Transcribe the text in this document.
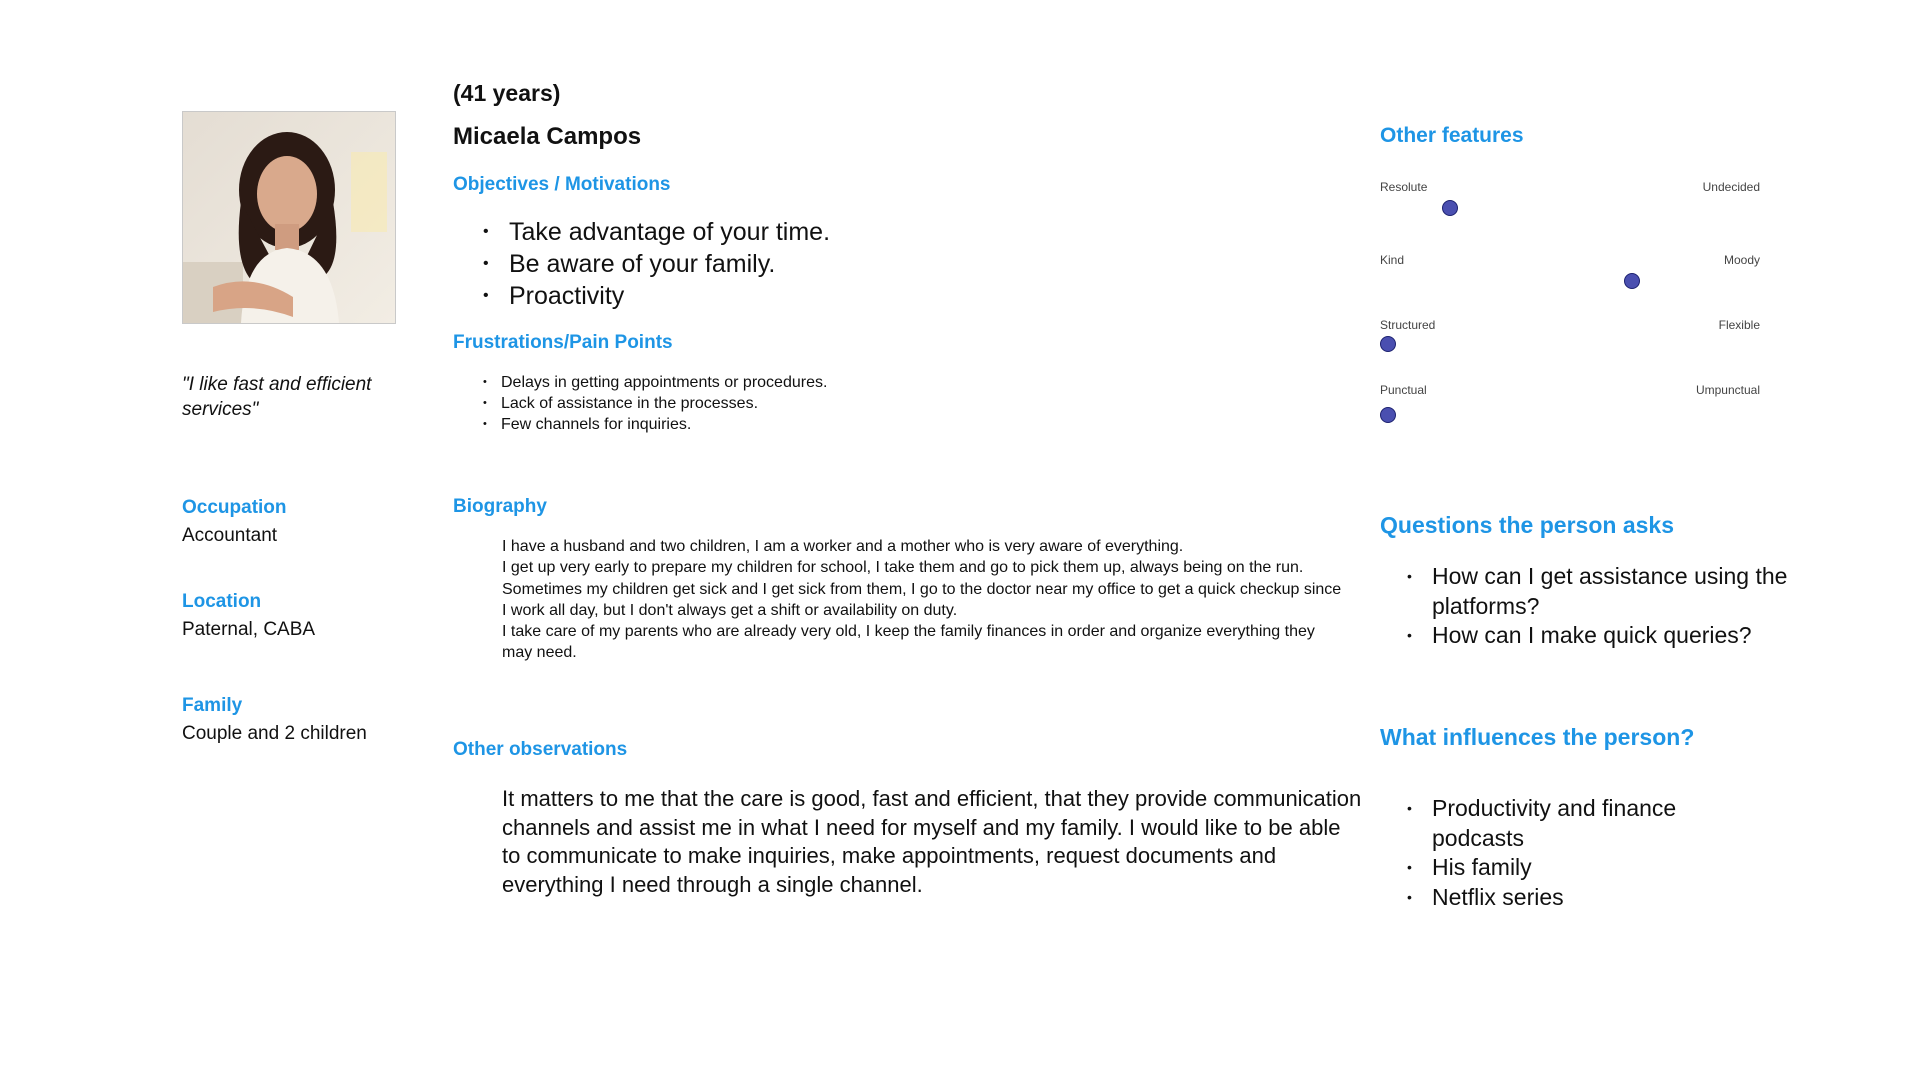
"I like fast and efficient services"
Occupation
Accountant
Location
Paternal, CABA
Family
Couple and 2 children
(41 years)
Micaela Campos
Objectives / Motivations
• Take advantage of your time.
• Be aware of your family.
• Proactivity
Frustrations/Pain Points
• Delays in getting appointments or procedures.
• Lack of assistance in the processes.
• Few channels for inquiries.
Biography

I have a husband and two children, I am a worker and a mother who is very aware of everything.

I get up very early to prepare my children for school, I take them and go to pick them up, always being on the run. Sometimes my children get sick and I get sick from them, I go to the doctor near my office to get a quick checkup since I work all day, but I don't always get a shift or availability on duty.

I take care of my parents who are already very old, I keep the family finances in order and organize everything they may need.

Other observations
It matters to me that the care is good, fast and efficient, that they provide communication channels and assist me in what I need for myself and my family. I would like to be able to communicate to make inquiries, make appointments, request documents and everything I need through a single channel.
Other features
Resolute	Undecided
Kind	Moody
Structured	Flexible
Punctual	Umpunctual
Questions the person asks
• How can I get assistance using the platforms?
• How can I make quick queries?
What influences the person?
• Productivity and finance podcasts
• His family
• Netflix series
